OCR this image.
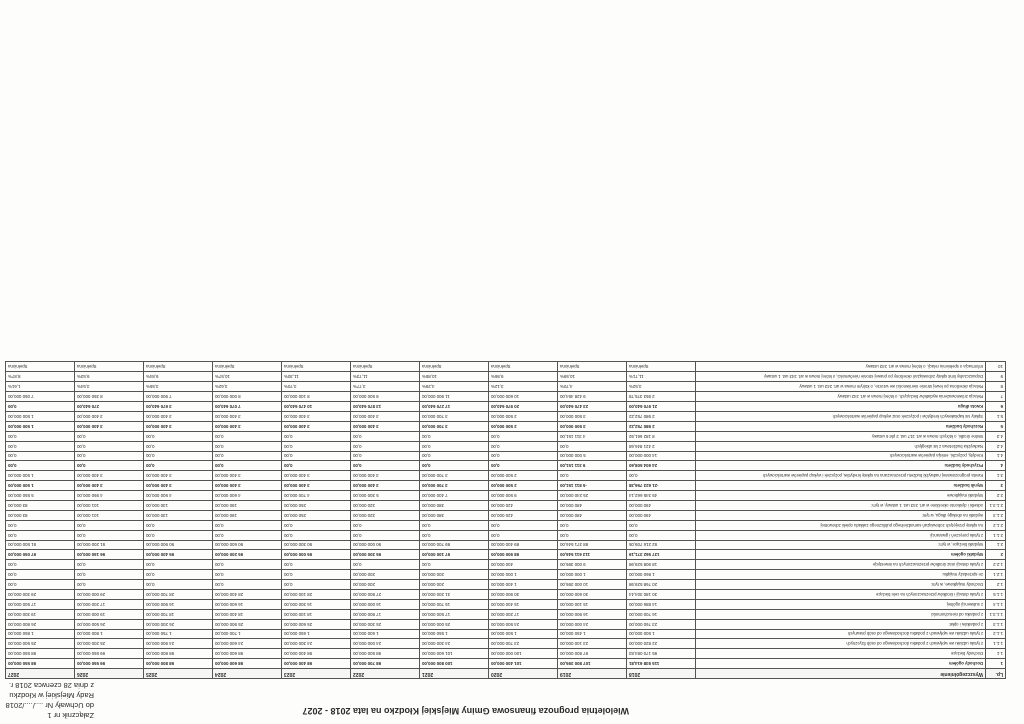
Wieloletnia prognoza finansowa Gminy Miejskiej Kłodzko na lata 2018 - 2027
Załącznik nr 1
do Uchwały Nr ..../..../2018
Rady Miejskiej w Kłodzku
z dnia 28 czerwca 2018 r.
Lp.	Wyszczególnienie	2018	2019	2020	2021	2022	2023	2024	2025	2026	2027
1	Dochody ogółem	115 938 614,81	107 800 395,00	101 400 000,00	100 800 000,00	98 700 000,00	98 400 000,00	98 600 000,00	98 800 000,00	99 550 000,00	98 550 000,00
1.1	Dochody bieżące	95 170 084,83	97 800 000,00	100 000 000,00	101 600 000,00	98 500 000,00	98 400 000,00	98 600 000,00	98 800 000,00	99 550 000,00	98 550 000,00
1.1.1	z tytułu udziału we wpływach z podatku dochodowego od osób fizycznych	22 820 000,00	23 100 000,00	23 700 000,00	24 300 000,00	24 000 000,00	24 300 000,00	24 600 000,00	24 900 000,00	25 200 000,00	25 500 000,00
1.1.2	z tytułu udziału we wpływach z podatku dochodowego od osób prawnych	1 500 000,00	1 450 000,00	1 500 000,00	1 550 000,00	1 600 000,00	1 650 000,00	1 700 000,00	1 750 000,00	1 800 000,00	1 850 000,00
1.1.3	z podatków i opłat	23 760 000,00	24 000 000,00	24 500 000,00	25 000 000,00	25 300 000,00	25 600 000,00	25 900 000,00	26 200 000,00	26 500 000,00	26 800 000,00
1.1.3.1	z podatku od nieruchomości	16 700 000,00	16 900 000,00	17 200 000,00	17 500 000,00	17 800 000,00	18 100 000,00	18 400 000,00	18 700 000,00	19 000 000,00	19 300 000,00
1.1.4	z subwencji ogólnej	14 886 000,00	15 100 000,00	15 400 000,00	15 700 000,00	16 000 000,00	16 300 000,00	16 600 000,00	16 900 000,00	17 200 000,00	17 500 000,00
1.1.5	z tytułu dotacji i środków przeznaczonych na cele bieżące	30 180 304,44	30 600 000,00	30 900 000,00	31 200 000,00	27 800 000,00	28 100 000,00	28 400 000,00	28 700 000,00	29 000 000,00	29 300 000,00
1.2	Dochody majątkowe, w tym:	20 768 529,98	10 000 395,00	1 400 000,00	200 000,00	200 000,00	0,00	0,00	0,00	0,00	0,00
1.2.1	ze sprzedaży majątku	1 860 000,00	1 000 000,00	1 000 000,00	200 000,00	200 000,00	0,00	0,00	0,00	0,00	0,00
1.2.2	z tytułu dotacji oraz środków przeznaczonych na inwestycje	18 908 529,98	9 000 395,00	400 000,00	0,00	0,00	0,00	0,00	0,00	0,00	0,00
2	Wydatki ogółem	137 562 371,19	113 611 546,00	98 900 000,00	97 100 000,00	95 300 000,00	95 000 000,00	95 200 000,00	95 400 000,00	96 150 000,00	97 050 000,00
2.1	Wydatki bieżące, w tym:	92 216 709,05	88 371 546,00	89 400 000,00	89 700 000,00	90 000 000,00	90 300 000,00	90 600 000,00	90 900 000,00	91 200 000,00	91 500 000,00
2.1.1	z tytułu poręczeń i gwarancji	0,00	0,00	0,00	0,00	0,00	0,00	0,00	0,00	0,00	0,00
2.1.2	na spłatę przejętych zobowiązań samodzielnego publicznego zakładu opieki zdrowotnej	0,00	0,00	0,00	0,00	0,00	0,00	0,00	0,00	0,00	0,00
2.1.3	wydatki na obsługę długu, w tym:	490 000,00	480 000,00	420 000,00	380 000,00	320 000,00	250 000,00	190 000,00	130 000,00	101 000,00	83 000,00
2.1.3.1	odsetki i dyskonto określone w art. 243 ust. 1 ustawy, w tym:	490 000,00	480 000,00	420 000,00	380 000,00	320 000,00	250 000,00	190 000,00	130 000,00	101 000,00	83 000,00
2.2	Wydatki majątkowe	45 345 662,14	25 240 000,00	9 500 000,00	7 400 000,00	5 300 000,00	4 700 000,00	4 600 000,00	4 500 000,00	4 950 000,00	5 550 000,00
3	Wynik budżetu	-21 623 756,38	-5 811 151,00	2 500 000,00	3 700 000,00	3 400 000,00	3 400 000,00	3 400 000,00	3 400 000,00	3 400 000,00	1 500 000,00
3.1	Kwota prognozowanej nadwyżki budżetu przeznaczana na spłatę kredytów, pożyczek i wykup papierów wartościowych	0,00	0,00	2 500 000,00	3 700 000,00	3 400 000,00	3 400 000,00	3 400 000,00	3 400 000,00	3 400 000,00	1 500 000,00
4	Przychody budżetu	24 604 508,60	9 311 151,00	0,00	0,00	0,00	0,00	0,00	0,00	0,00	0,00
4.1	Kredyty, pożyczki, emisja papierów wartościowych	14 000 000,00	5 000 000,00	0,00	0,00	0,00	0,00	0,00	0,00	0,00	0,00
4.2	Nadwyżka budżetowa z lat ubiegłych	2 421 846,68	0,00	0,00	0,00	0,00	0,00	0,00	0,00	0,00	0,00
4.3	Wolne środki, o których mowa w art. 217 ust. 2 pkt 6 ustawy	8 182 661,92	4 311 151,00	0,00	0,00	0,00	0,00	0,00	0,00	0,00	0,00
5	Rozchody budżetu	2 980 752,22	3 500 000,00	2 500 000,00	3 700 000,00	3 400 000,00	3 400 000,00	3 400 000,00	3 400 000,00	3 400 000,00	1 500 000,00
5.1	Spłaty rat kapitałowych kredytów i pożyczek oraz wykup papierów wartościowych	2 980 752,22	3 500 000,00	2 500 000,00	3 700 000,00	3 400 000,00	3 400 000,00	3 400 000,00	3 400 000,00	3 400 000,00	1 500 000,00
6	Kwota długu	21 970 640,00	23 470 640,00	20 970 640,00	17 270 640,00	13 870 640,00	10 470 640,00	7 070 640,00	3 670 640,00	270 640,00	0,00
7	Relacja zrównoważenia wydatków bieżących, o której mowa w art. 242 ustawy	2 953 375,78	9 428 454,00	10 600 000,00	11 900 000,00	8 500 000,00	8 100 000,00	8 000 000,00	7 900 000,00	8 350 000,00	7 050 000,00
8	Relacja określona po lewej stronie nierówności we wzorze, o którym mowa w art. 243 ust. 1 ustawy	3,52%	4,70%	3,12%	4,29%	3,77%	3,70%	3,62%	3,55%	3,54%	1,61%
9	Dopuszczalny limit spłaty zobowiązań określony po prawej stronie nierówności, o której mowa w art. 243 ust. 1 ustawy	11,71%	10,59%	9,86%	10,85%	11,73%	11,30%	10,57%	9,84%	9,53%	8,87%
10	Informacja o spełnieniu relacji, o której mowa w art. 243 ustawy	Spełniona	Spełniona	Spełniona	Spełniona	Spełniona	Spełniona	Spełniona	Spełniona	Spełniona	Spełniona
